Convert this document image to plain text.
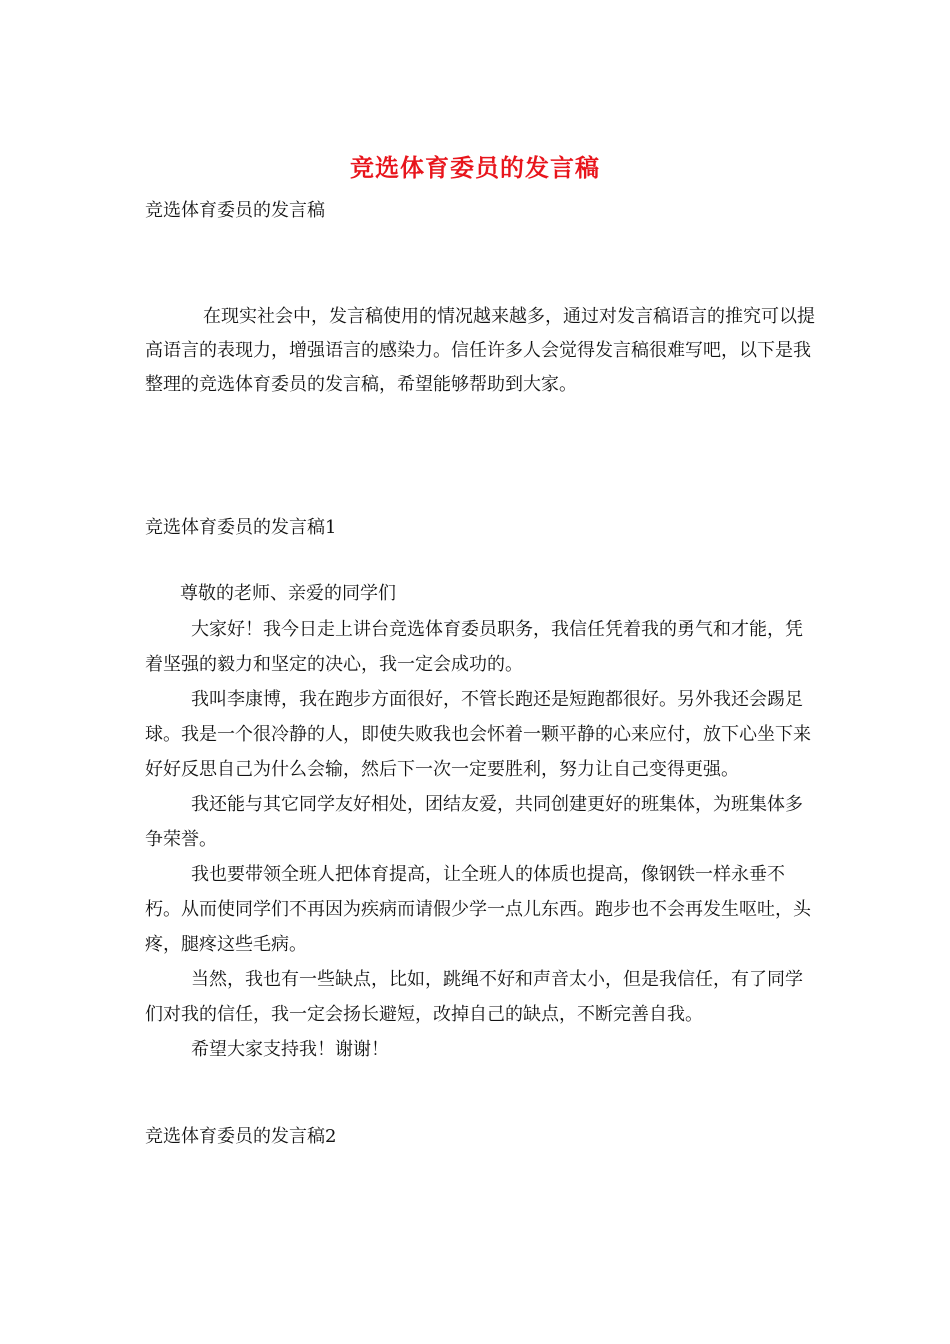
竞选体育委员的发言稿
竞选体育委员的发言稿
在现实社会中，发言稿使用的情况越来越多，通过对发言稿语言的推究可以提高语言的表现力，增强语言的感染力。信任许多人会觉得发言稿很难写吧，以下是我整理的竞选体育委员的发言稿，希望能够帮助到大家。
竞选体育委员的发言稿1
尊敬的老师、亲爱的同学们

大家好！我今日走上讲台竞选体育委员职务，我信任凭着我的勇气和才能，凭着坚强的毅力和坚定的决心，我一定会成功的。

我叫李康博，我在跑步方面很好，不管长跑还是短跑都很好。另外我还会踢足球。我是一个很冷静的人，即使失败我也会怀着一颗平静的心来应付，放下心坐下来好好反思自己为什么会输，然后下一次一定要胜利，努力让自己变得更强。

我还能与其它同学友好相处，团结友爱，共同创建更好的班集体，为班集体多争荣誉。

我也要带领全班人把体育提高，让全班人的体质也提高，像钢铁一样永垂不朽。从而使同学们不再因为疾病而请假少学一点儿东西。跑步也不会再发生呕吐，头疼，腿疼这些毛病。

当然，我也有一些缺点，比如，跳绳不好和声音太小，但是我信任，有了同学们对我的信任，我一定会扬长避短，改掉自己的缺点，不断完善自我。

希望大家支持我！谢谢！

竞选体育委员的发言稿2
